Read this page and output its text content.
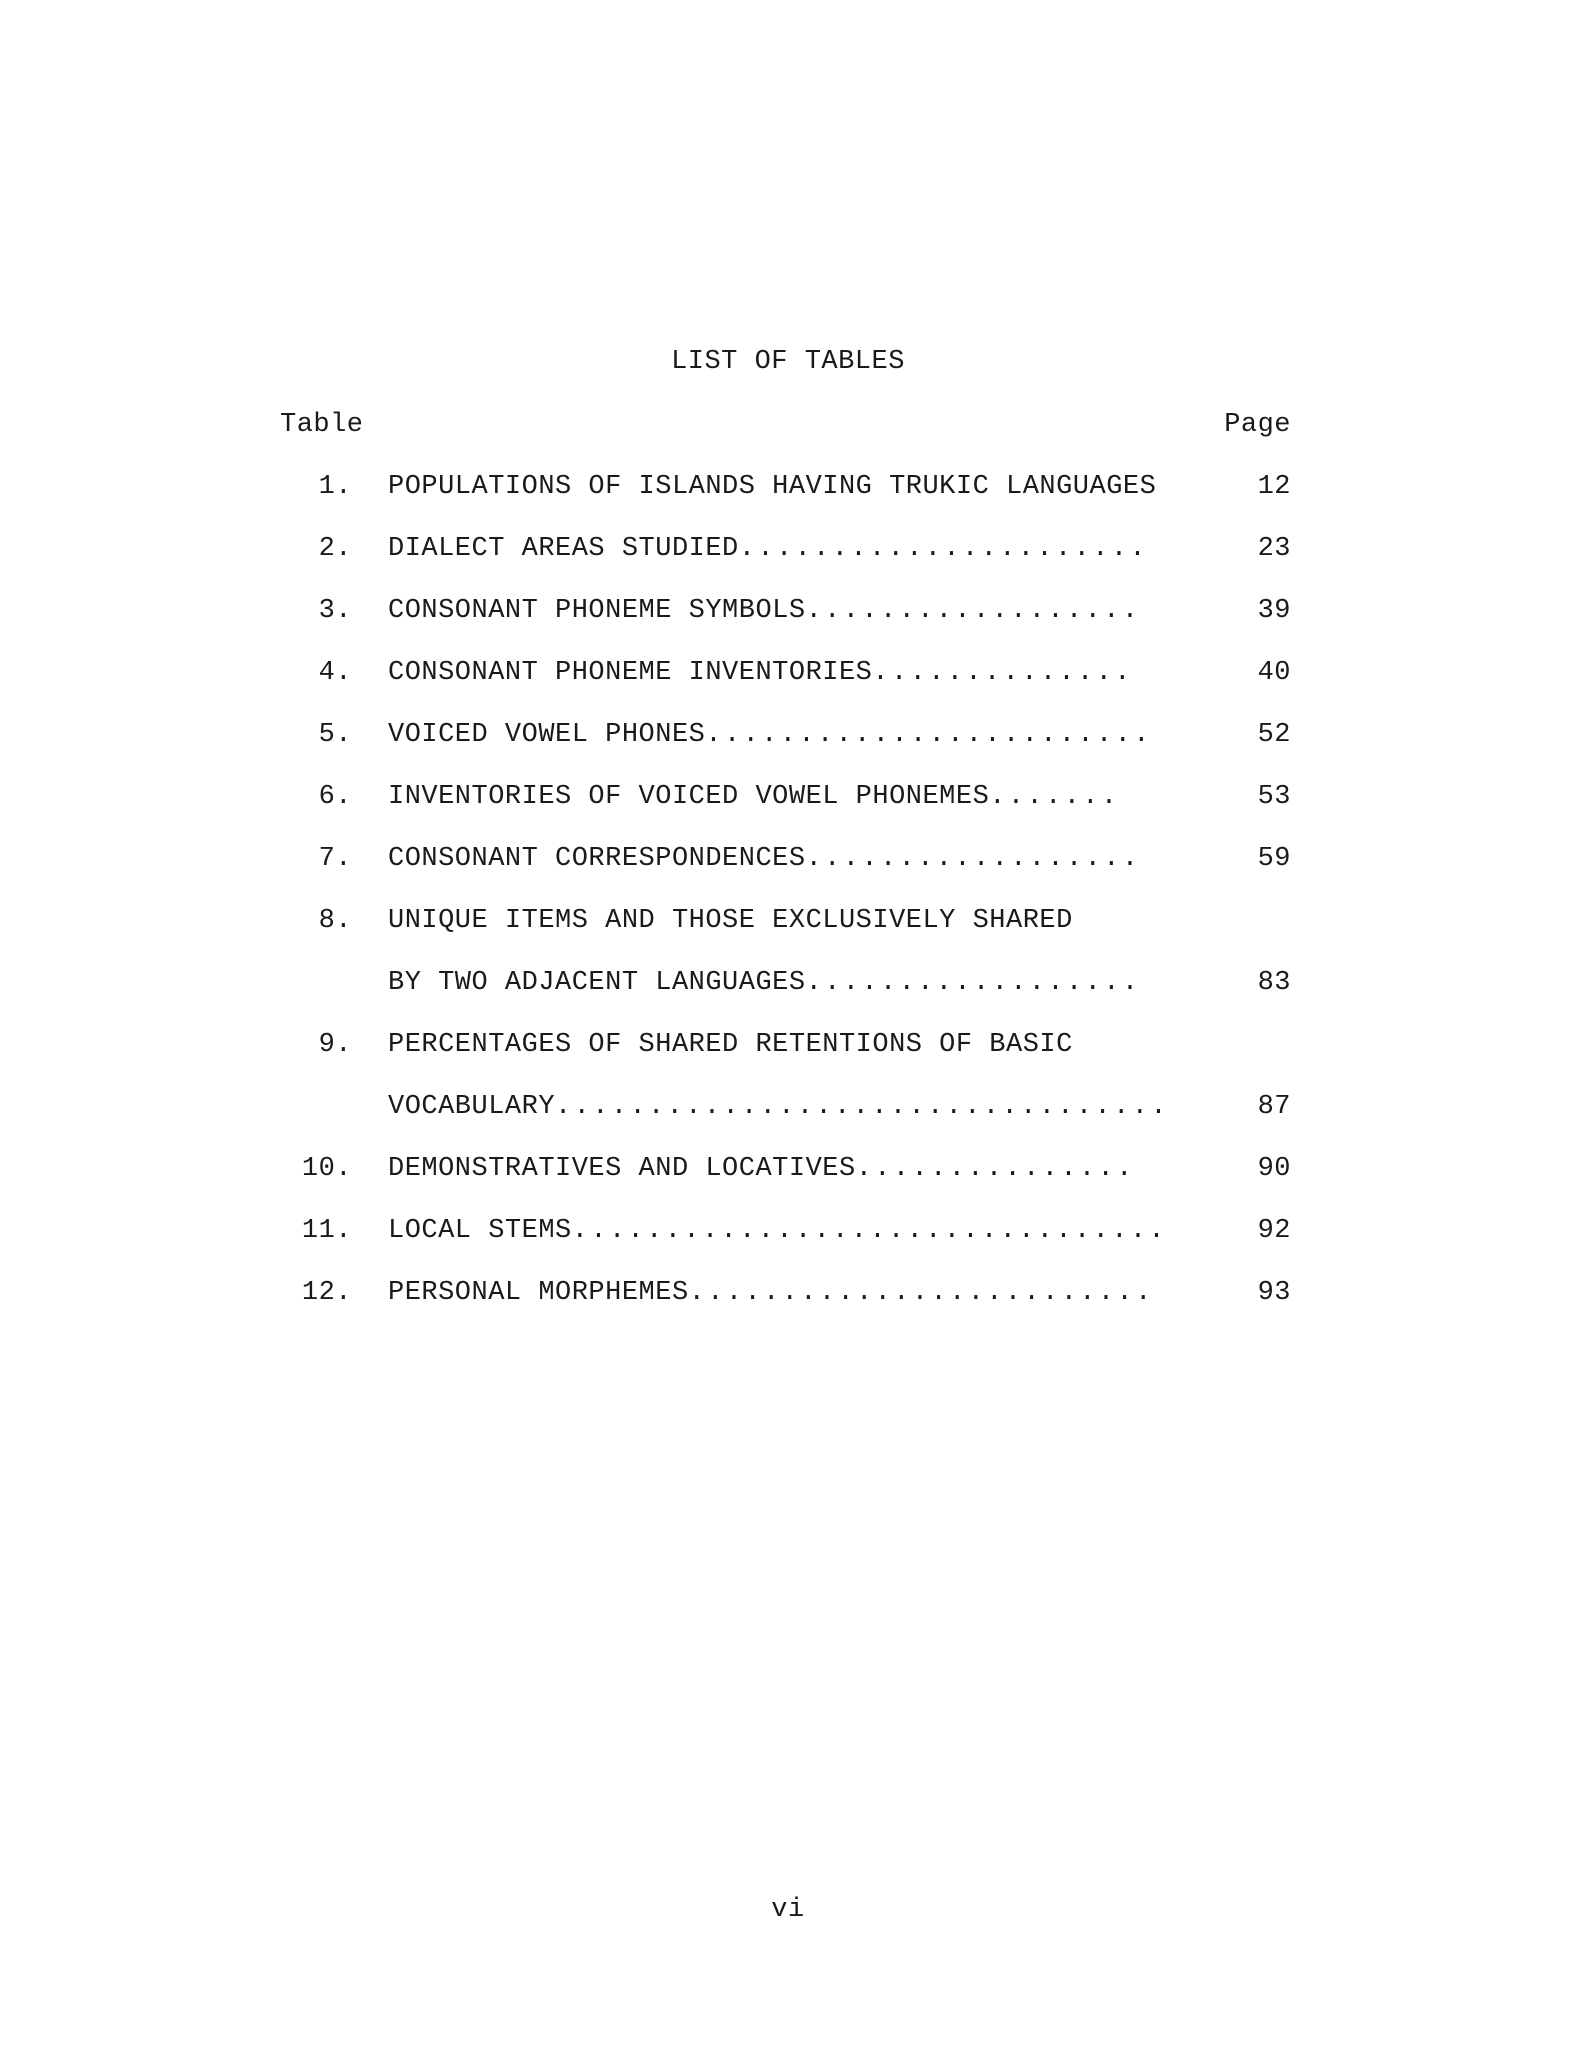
LIST OF TABLES
Table	Page
1. POPULATIONS OF ISLANDS HAVING TRUKIC LANGUAGES	12
2. DIALECT AREAS STUDIED......................	23
3. CONSONANT PHONEME SYMBOLS..................	39
4. CONSONANT PHONEME INVENTORIES..............	40
5. VOICED VOWEL PHONES........................	52
6. INVENTORIES OF VOICED VOWEL PHONEMES.......	53
7. CONSONANT CORRESPONDENCES..................	59
8. UNIQUE ITEMS AND THOSE EXCLUSIVELY SHARED
BY TWO ADJACENT LANGUAGES..................	83
9. PERCENTAGES OF SHARED RETENTIONS OF BASIC
VOCABULARY.................................	87
10. DEMONSTRATIVES AND LOCATIVES...............	90
11. LOCAL STEMS................................	92
12. PERSONAL MORPHEMES.........................	93
vi
